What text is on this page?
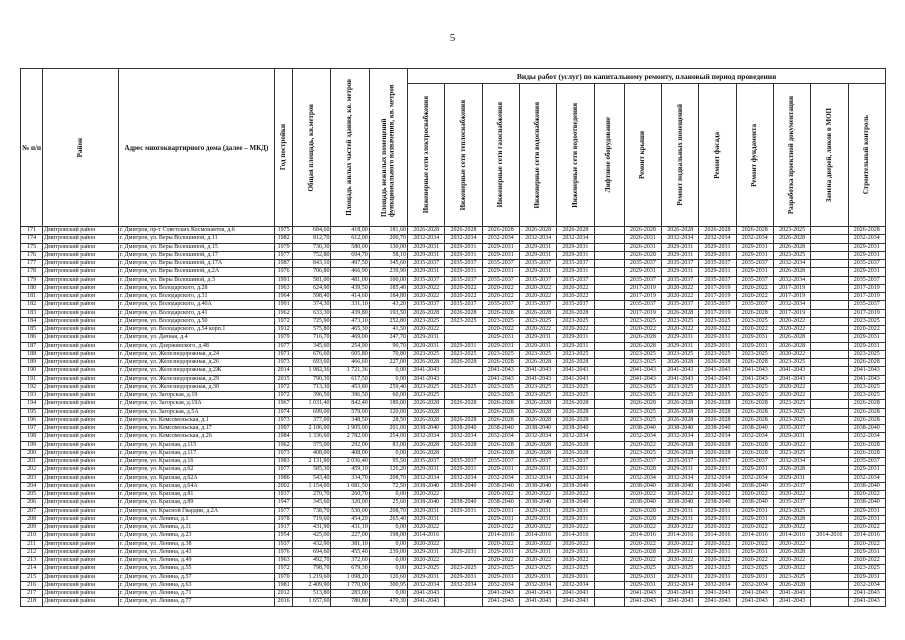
5
№ п/п	Район	Адрес многоквартирного дома (далее – МКД)	Год постройки	Общая площадь, кв.метров	Площадь жилых частей здания, кв. метров	Площадь нежилых помещений функционального назначения, кв. метров	Виды работ (услуг) по капитальному ремонту, плановый период проведения												

							Инженерные сети электроснабжения	Инженерные сети теплоснабжения	Инженерные сети газоснабжения	Инженерные сети водоснабжения	Инженерные сети водоотведения	Лифтовое оборудование	Ремонт крыши	Ремонт подвальных помещений	Ремонт фасада	Ремонт фундамента	Разработка проектной документации	Замена дверей, люков в МОП	Строительный контроль

171	Дмитровский район	г. Дмитров, пр-т Советских Космонавтов, д.6	1975	684,60	418,00	181,60	2026-2028	2026-2028	2026-2028	2026-2028	2026-2028		2026-2028	2026-2028	2026-2028	2026-2028	2023-2025		2026-2028
174	Дмитровский район	г. Дмитров, ул. Веры Волошиной, д.11	1982	812,70	612,00	200,70	2032-2034	2032-2034	2032-2034	2032-2034	2032-2034		2026-2031	2032-2034	2032-2034	2032-2034	2026-2028		2032-2034
175	Дмитровский район	г. Дмитров, ул. Веры Волошиной, д.15	1979	730,30	580,00	130,00	2029-2031	2029-2031	2029-2031	2029-2031	2029-2031		2026-2031	2029-2031	2029-2031	2029-2031	2026-2028		2029-2031
176	Дмитровский район	г. Дмитров, ул. Веры Волошиной, д.17	1977	752,80	694,70	58,10	2029-2031	2029-2031	2029-2031	2029-2031	2029-2031		2026-2028	2029-2031	2029-2031	2029-2031	2023-2025		2029-2031
177	Дмитровский район	г. Дмитров, ул. Веры Волошиной, д.17А	1987	843,10	497,50	345,60	2035-2037	2035-2037	2035-2037	2035-2037	2035-2037		2035-2037	2035-2037	2035-2037	2035-2037	2032-2034		2035-2037
178	Дмитровский район	г. Дмитров, ул. Веры Волошиной, д.2А	1976	706,80	466,90	239,90	2029-2031	2029-2031	2029-2031	2029-2031	2029-2031		2029-2031	2029-2031	2029-2031	2029-2031	2026-2028		2029-2031
179	Дмитровский район	г. Дмитров, ул. Веры Волошиной, д.3	1991	581,00	481,00	100,00	2035-2037	2035-2037	2035-2037	2035-2037	2035-2037		2035-2037	2035-2037	2035-2037	2035-2037	2032-2034		2035-2037
180	Дмитровский район	г. Дмитров, ул. Володарского, д.28	1963	624,90	439,50	185,40	2020-2022	2020-2022	2020-2022	2020-2022	2020-2022		2017-2019	2020-2022	2017-2019	2020-2022	2017-2019		2017-2019
181	Дмитровский район	г. Дмитров, ул. Володарского, д.31	1964	598,40	414,60	184,80	2020-2022	2020-2022	2020-2022	2020-2022	2020-2022		2017-2019	2020-2022	2017-2019	2020-2022	2017-2019		2017-2019
182	Дмитровский район	г. Дмитров, ул. Володарского, д.40А	1991	374,30	331,10	43,20	2035-2037	2035-2037	2035-2037	2035-2037	2035-2037		2035-2037	2035-2037	2035-2037	2035-2037	2032-2034		2035-2037
183	Дмитровский район	г. Дмитров, ул. Володарского, д.41	1962	633,30	439,80	193,50	2026-2028	2026-2028	2026-2028	2026-2028	2026-2028		2017-2019	2026-2028	2017-2019	2026-2028	2017-2019		2017-2019
184	Дмитровский район	г. Дмитров, ул. Володарского, д.50	1972	725,90	473,10	252,80	2023-2025	2023-2025	2023-2025	2023-2025	2023-2025		2023-2025	2023-2025	2023-2025	2023-2025	2020-2022		2023-2025
185	Дмитровский район	г. Дмитров, ул. Володарского, д.54 корп.1	1912	575,80	465,30	41,50	2020-2022		2020-2022	2020-2022	2020-2022		2020-2022	2020-2022	2020-2022	2020-2022	2020-2022		2020-2022
186	Дмитровский район	г. Дмитров, ул. Дачная, д.4	1979	716,70	469,00	247,70	2029-2031		2029-2031	2029-2031	2029-2031		2026-2028	2029-2031	2029-2031	2029-2031	2026-2028		2029-2031
187	Дмитровский район	г. Дмитров, ул. Дзержинского, д.48	1977	345,60	254,90	90,70	2029-2031	2029-2031	2029-2031	2029-2031	2029-2031		2026-2028	2029-2031	2029-2031	2029-2031	2026-2028		2029-2031
188	Дмитровский район	г. Дмитров, ул. Железнодорожная, д.24	1971	676,60	605,80	70,80	2023-2025	2023-2025	2023-2025	2023-2025	2023-2025		2023-2025	2023-2025	2023-2025	2023-2025	2020-2022		2023-2025
189	Дмитровский район	г. Дмитров, ул. Железнодорожная, д.26	1973	693,60	466,60	227,00	2026-2028	2026-2028	2026-2028	2026-2028	2026-2028		2023-2025	2026-2028	2026-2028	2026-2028	2023-2025		2026-2028
190	Дмитровский район	г. Дмитров, ул. Железнодорожная, д.2Ж	2014	1 982,36	1 721,36	0,00	2041-2043		2041-2043	2041-2043	2041-2043		2041-2043	2041-2043	2041-2043	2041-2043	2041-2043		2041-2043
191	Дмитровский район	г. Дмитров, ул. Железнодорожная, д.29	2015	790,30	617,50	0,00	2041-2043		2041-2043	2041-2043	2041-2043		2041-2043	2041-2043	2041-2043	2041-2043	2041-2043		2041-2043
192	Дмитровский район	г. Дмитров, ул. Железнодорожная, д.30	1972	713,30	453,80	259,40	2023-2025	2023-2025	2023-2025	2023-2025	2023-2025		2023-2025	2023-2025	2023-2025	2023-2025	2020-2022		2023-2025
193	Дмитровский район	г. Дмитров, ул. Загорская, д.19	1972	396,50	396,50	60,00	2023-2025		2023-2025	2023-2025	2023-2025		2023-2025	2023-2025	2023-2025	2023-2025	2020-2022		2023-2025
194	Дмитровский район	г. Дмитров, ул. Загорская, д.19А	1967	1 031,40	842,40	189,00	2026-2028	2026-2028	2026-2028	2026-2028	2026-2028		2026-2028	2026-2028	2026-2028	2026-2028	2023-2025		2026-2028
195	Дмитровский район	г. Дмитров, ул. Загорская, д.5А	1974	699,00	579,00	120,00	2026-2028		2026-2028	2026-2028	2026-2028		2023-2025	2026-2028	2026-2028	2026-2028	2023-2025		2026-2028
196	Дмитровский район	г. Дмитров, ул. Комсомольская, д.1	1973	377,00	348,50	28,50	2026-2028	2026-2028	2026-2028	2026-2028	2026-2028		2023-2025	2026-2028	2026-2028	2026-2028	2023-2025		2026-2028
197	Дмитровский район	г. Дмитров, ул. Комсомольская, д.17	1997	2 106,00	1 905,00	201,00	2038-2040	2038-2040	2038-2040	2038-2040	2038-2040		2038-2040	2038-2040	2038-2040	2038-2040	2035-2037		2038-2040
198	Дмитровский район	г. Дмитров, ул. Комсомольская, д.26	1984	1 336,60	2 782,00	254,00	2032-2034	2032-2034	2032-2034	2032-2034	2032-2034		2032-2034	2032-2034	2032-2034	2032-2034	2029-2031		2032-2034
199	Дмитровский район	г. Дмитров, ул. Красная, д.115	1962	375,00	292,00	83,00	2026-2028	2026-2028	2026-2028	2026-2028	2026-2028		2020-2022	2026-2028	2026-2028	2026-2028	2020-2022		2026-2028
200	Дмитровский район	г. Дмитров, ул. Красная, д.117	1973	408,00	408,00	0,00	2026-2028		2026-2028	2026-2028	2026-2028		2023-2025	2026-2028	2026-2028	2026-2028	2023-2025		2026-2028
201	Дмитровский район	г. Дмитров, ул. Красная, д.16	1983	2 131,90	2 036,40	95,50	2035-2037	2035-2037	2035-2037	2035-2037	2035-2037		2035-2037	2035-2037	2035-2037	2035-2037	2032-2034		2035-2037
202	Дмитровский район	г. Дмитров, ул. Красная, д.62	1977	585,30	459,10	126,20	2029-2031	2029-2031	2029-2031	2029-2031	2029-2031		2026-2028	2029-2031	2029-2031	2029-2031	2026-2028		2029-2031
203	Дмитровский район	г. Дмитров, ул. Красная, д.62А	1986	543,40	334,70	208,70	2032-2034	2032-2034	2032-2034	2032-2034	2032-2034		2032-2034	2032-2034	2032-2034	2032-2034	2029-2031		2032-2034
204	Дмитровский район	г. Дмитров, ул. Красная, д.64А	2002	1 154,00	1 081,50	72,50	2038-2040	2038-2040	2038-2040	2038-2040	2038-2040		2038-2040	2038-2040	2038-2040	2038-2040	2035-2037		2038-2040
205	Дмитровский район	г. Дмитров, ул. Красная, д.81	1937	270,70	260,70	0,00	2020-2022		2020-2022	2020-2022	2020-2022		2020-2022	2020-2022	2020-2022	2020-2022	2020-2022		2020-2022
206	Дмитровский район	г. Дмитров, ул. Красная, д.89	1947	345,60	320,00	25,60	2038-2040	2038-2040	2038-2040	2038-2040	2038-2040		2038-2040	2038-2040	2038-2040	2038-2040	2035-2037		2038-2040
207	Дмитровский район	г. Дмитров, ул. Красной Гвардии, д.2А	1977	738,70	530,00	208,70	2029-2031	2029-2031	2029-2031	2029-2031	2029-2031		2026-2028	2029-2031	2029-2031	2029-2031	2023-2025		2029-2031
208	Дмитровский район	г. Дмитров, ул. Ленина, д.1	1978	719,60	454,20	265,40	2029-2031		2029-2031	2029-2031	2029-2031		2026-2028	2029-2031	2029-2031	2029-2031	2026-2028		2029-2031
209	Дмитровский район	г. Дмитров, ул. Ленина, д.11	1917	431,90	431,10	0,00	2020-2022		2020-2022	2020-2022	2020-2022		2020-2022	2020-2022	2020-2022	2020-2022	2020-2022		2020-2022
210	Дмитровский район	г. Дмитров, ул. Ленина, д.23	1954	425,00	227,00	198,00	2014-2016		2014-2016	2014-2016	2014-2016		2014-2016	2014-2016	2014-2016	2014-2016	2014-2016	2014-2016	2014-2016
211	Дмитровский район	г. Дмитров, ул. Ленина, д.38	1937	432,90	381,10	0,00	2020-2022		2020-2022	2020-2022	2020-2022		2020-2022	2020-2022	2020-2022	2020-2022	2020-2022		2020-2022
212	Дмитровский район	г. Дмитров, ул. Ленина, д.43	1976	694,60	455,40	239,00	2029-2031	2029-2031	2029-2031	2029-2031	2029-2031		2026-2028	2029-2031	2029-2031	2029-2031	2026-2028		2029-2031
213	Дмитровский район	г. Дмитров, ул. Ленина, д.49	1963	492,70	372,60	0,00	2020-2022		2020-2022	2020-2022	2020-2022		2020-2022	2020-2022	2020-2022	2020-2022	2020-2022		2020-2022
214	Дмитровский район	г. Дмитров, ул. Ленина, д.55	1972	798,70	679,30	0,00	2023-2025	2023-2025	2023-2025	2023-2025	2023-2025		2023-2025	2023-2025	2023-2025	2023-2025	2020-2022		2023-2025
215	Дмитровский район	г. Дмитров, ул. Ленина, д.57	1970	1 219,60	1 098,20	120,60	2029-2031	2029-2031	2029-2031	2029-2031	2029-2031		2029-2031	2029-2031	2029-2031	2029-2031	2023-2025		2029-2031
216	Дмитровский район	г. Дмитров, ул. Ленина, д.63	1981	2 409,90	1 770,00	300,95	2032-2034	2032-2034	2032-2034	2032-2034	2032-2034		2029-2031	2032-2034	2032-2034	2032-2034	2026-2028		2032-2034
217	Дмитровский район	г. Дмитров, ул. Ленина, д.71	2012	513,80	283,00	0,00	2041-2043		2041-2043	2041-2043	2041-2043		2041-2043	2041-2043	2041-2043	2041-2043	2041-2043		2041-2043
218	Дмитровский район	г. Дмитров, ул. Ленина, д.77	2016	1 657,60	780,80	470,30	2041-2043		2041-2043	2041-2043	2041-2043		2041-2043	2041-2043	2041-2043	2041-2043	2041-2043		2041-2043
